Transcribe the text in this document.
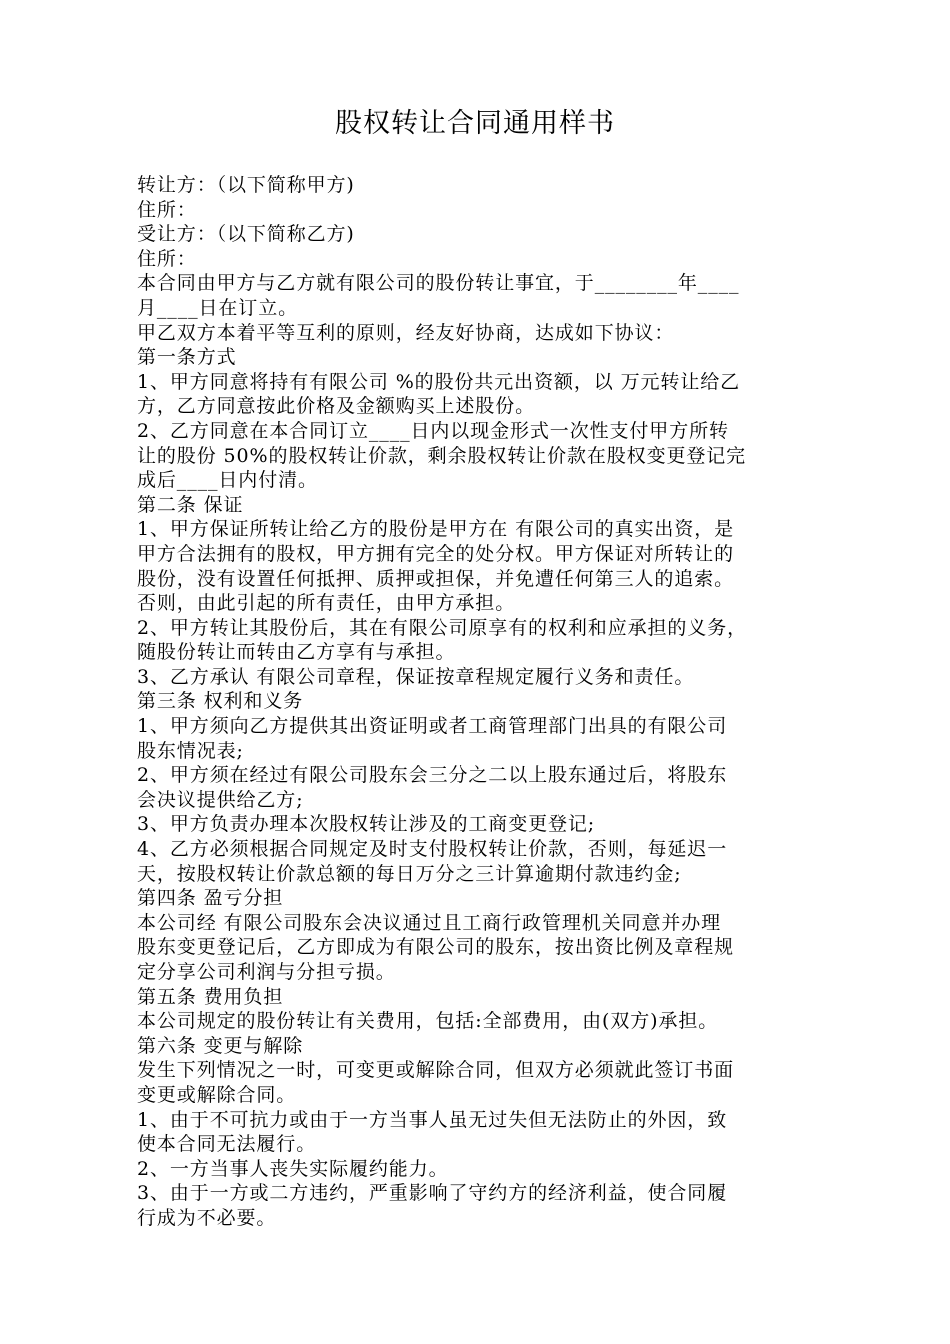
股权转让合同通用样书
转让方：（以下简称甲方)
住所：
受让方：（以下简称乙方)
住所：
本合同由甲方与乙方就有限公司的股份转让事宜，于________年____
月____日在订立。
甲乙双方本着平等互利的原则，经友好协商，达成如下协议：
第一条方式
1、甲方同意将持有有限公司 %的股份共元出资额，以 万元转让给乙
方，乙方同意按此价格及金额购买上述股份。
2、乙方同意在本合同订立____日内以现金形式一次性支付甲方所转
让的股份 50%的股权转让价款，剩余股权转让价款在股权变更登记完
成后____日内付清。
第二条 保证
1、甲方保证所转让给乙方的股份是甲方在 有限公司的真实出资，是
甲方合法拥有的股权，甲方拥有完全的处分权。甲方保证对所转让的
股份，没有设置任何抵押、质押或担保，并免遭任何第三人的追索。
否则，由此引起的所有责任，由甲方承担。
2、甲方转让其股份后，其在有限公司原享有的权利和应承担的义务，
随股份转让而转由乙方享有与承担。
3、乙方承认 有限公司章程，保证按章程规定履行义务和责任。
第三条 权利和义务
1、甲方须向乙方提供其出资证明或者工商管理部门出具的有限公司
股东情况表;
2、甲方须在经过有限公司股东会三分之二以上股东通过后，将股东
会决议提供给乙方;
3、甲方负责办理本次股权转让涉及的工商变更登记;
4、乙方必须根据合同规定及时支付股权转让价款，否则，每延迟一
天，按股权转让价款总额的每日万分之三计算逾期付款违约金;
第四条 盈亏分担
本公司经 有限公司股东会决议通过且工商行政管理机关同意并办理
股东变更登记后，乙方即成为有限公司的股东，按出资比例及章程规
定分享公司利润与分担亏损。
第五条 费用负担
本公司规定的股份转让有关费用，包括:全部费用，由(双方)承担。
第六条 变更与解除
发生下列情况之一时，可变更或解除合同，但双方必须就此签订书面
变更或解除合同。
1、由于不可抗力或由于一方当事人虽无过失但无法防止的外因，致
使本合同无法履行。
2、一方当事人丧失实际履约能力。
3、由于一方或二方违约，严重影响了守约方的经济利益，使合同履
行成为不必要。
